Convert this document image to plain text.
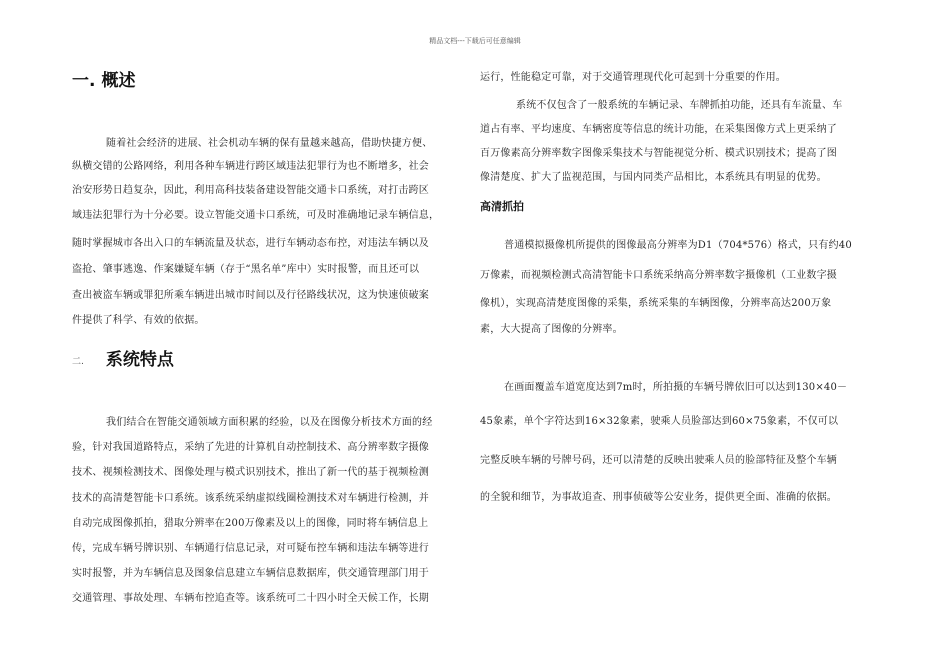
精品文档---下载后可任意编辑
一. 概述
随着社会经济的进展、社会机动车辆的保有量越来越高，借助快捷方便、
纵横交错的公路网络，利用各种车辆进行跨区域违法犯罪行为也不断增多，社会
治安形势日趋复杂，因此，利用高科技装备建设智能交通卡口系统，对打击跨区
域违法犯罪行为十分必要。设立智能交通卡口系统，可及时准确地记录车辆信息，
随时掌握城市各出入口的车辆流量及状态，进行车辆动态布控，对违法车辆以及
盗抢、肇事逃逸、作案嫌疑车辆（存于“黑名单”库中）实时报警，而且还可以
查出被盗车辆或罪犯所乘车辆进出城市时间以及行径路线状况，这为快速侦破案
件提供了科学、有效的依据。
二. 系统特点
我们结合在智能交通领域方面积累的经验，以及在图像分析技术方面的经
验，针对我国道路特点，采纳了先进的计算机自动控制技术、高分辨率数字摄像
技术、视频检测技术、图像处理与模式识别技术，推出了新一代的基于视频检测
技术的高清楚智能卡口系统。该系统采纳虚拟线圈检测技术对车辆进行检测，并
自动完成图像抓拍，猎取分辨率在200万像素及以上的图像，同时将车辆信息上
传，完成车辆号牌识别、车辆通行信息记录，对可疑布控车辆和违法车辆等进行
实时报警，并为车辆信息及图象信息建立车辆信息数据库，供交通管理部门用于
交通管理、事故处理、车辆布控追查等。该系统可二十四小时全天候工作，长期
运行，性能稳定可靠，对于交通管理现代化可起到十分重要的作用。
系统不仅包含了一般系统的车辆记录、车牌抓拍功能，还具有车流量、车
道占有率、平均速度、车辆密度等信息的统计功能，在采集图像方式上更采纳了
百万像素高分辨率数字图像采集技术与智能视觉分析、模式识别技术；提高了图
像清楚度、扩大了监视范围，与国内同类产品相比，本系统具有明显的优势。
高清抓拍
普通模拟摄像机所提供的图像最高分辨率为D1（704*576）格式，只有约40
万像素，而视频检测式高清智能卡口系统采纳高分辨率数字摄像机（工业数字摄
像机），实现高清楚度图像的采集，系统采集的车辆图像，分辨率高达200万象
素，大大提高了图像的分辨率。
在画面覆盖车道宽度达到7m时，所拍摄的车辆号牌依旧可以达到130×40－
45象素，单个字符达到16×32象素，驶乘人员脸部达到60×75象素，不仅可以
完整反映车辆的号牌号码，还可以清楚的反映出驶乘人员的脸部特征及整个车辆
的全貌和细节，为事故追查、刑事侦破等公安业务，提供更全面、准确的依据。
